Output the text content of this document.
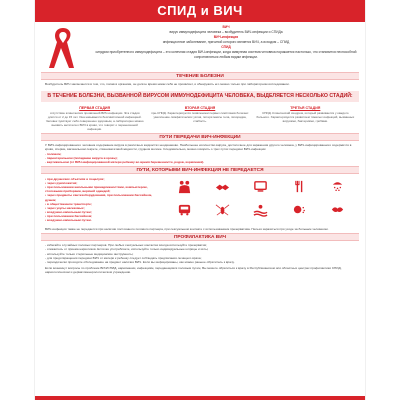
СПИД и ВИЧ

ВИЧ

вирус иммунодефицита человека – возбудитель ВИЧ-инфекции и СПИДа

ВИЧ-инфекция

инфекционное заболевание, причиной которого является ВИЧ, а исходом – СПИД

СПИД

синдром приобретенного иммунодефицита – это конечная стадия ВИЧ-инфекции, когда иммунная система человека поражается настолько, что становится неспособной сопротивляться любым видам инфекции.

ТЕЧЕНИЕ БОЛЕЗНИ
Возбудитель ВИЧ заключается в том, что, попав в организм, он долгое время никак себя не проявляет, и обнаружить его можно только при лабораторном исследовании.
В ТЕЧЕНИЕ БОЛЕЗНИ, ВЫЗВАННОЙ ВИРУСОМ ИММУНОДЕФИЦИТА ЧЕЛОВЕКА, ВЫДЕЛЯЕТСЯ НЕСКОЛЬКО СТАДИЙ:
ПЕРВАЯ СТАДИЯ

отсутствие клинических проявлений ВИЧ-инфекции. Эта стадия длится от 2 до 15 лет. Она называется бессимптомной инфекцией. Человек чувствует себя совершенно здоровым, а лабораторно можно выявить антитела к ВИЧ в крови, что говорит о перенесенной инфекции.

ВТОРАЯ СТАДИЯ

пре-СПИД. Характеризуется появлением первых симптомов болезни: увеличение лимфатических узлов, потеря массы тела, лихорадка, слабость.

ТРЕТЬЯ СТАДИЯ

СПИД. Клинический синдром, который развивается у каждого больного. Характеризуется развитием тяжелых инфекций, вызванных вирусами, бактериями, грибами.

ПУТИ ПЕРЕДАЧИ ВИЧ-ИНФЕКЦИИ
У ВИЧ-инфицированного человека содержание вируса в различных жидкостях неодинаково. Наибольшее количество вируса, достаточное для заражения другого человека, у ВИЧ-инфицированного содержится в крови, сперме, вагинальном секрете, спинномозговой жидкости, грудном молоке. Следовательно, можно говорить о трех путях передачи ВИЧ-инфекции:
- половом;
- парентеральном (попадание вируса в кровь);
- вертикальном (от ВИЧ-инфицированной матери ребенку во время беременности, родов, кормления).
ПУТИ, КОТОРЫМИ ВИЧ-ИНФЕКЦИЯ НЕ ПЕРЕДАЕТСЯ
• при дружеских объятиях и поцелуях;
• через рукопожатия;
• при пользовании школьными принадлежностями, компьютером,
столовыми приборами, верхней одеждой;
• через предметы сантехоборудования, при пользовании бассейном, душем;
• в общественном транспорте;
• через укусы насекомых;
• воздушно-капельным путем;
• при пользовании бассейном;
• воздушно-капельным путем.
ВИЧ-инфекция также не передается при наличии постоянного полового партнера, при сексуальном контакте с использованием презерватива. Нельзя заразиться при уходе за больным человеком.
ПРОФИЛАКТИКА ВИЧ
- избегайте случайных половых партнеров. При любых сексуальных контактах всегда используйте презерватив;
- откажитесь от приема наркотиков. Если же употребляете, используйте только индивидуальные шприцы и иглы;
- используйте только стерильные медицинские инструменты;
- для предотвращения передачи ВИЧ от матери к ребенку следует соблюдать предписания лечащего врача;
- периодически проходите обследование на предмет наличия ВИЧ. Если вы инфицированы, как можно раньше обратитесь к врачу.
Если возникнут вопросы по проблеме ВИЧ/СПИД, наркомании, инфекциям, передающимся половым путем, Вы можете обратиться к врачу в Республиканском или областных центрах профилактики СПИД, наркологическом и дерматовенерологическом учреждении.
